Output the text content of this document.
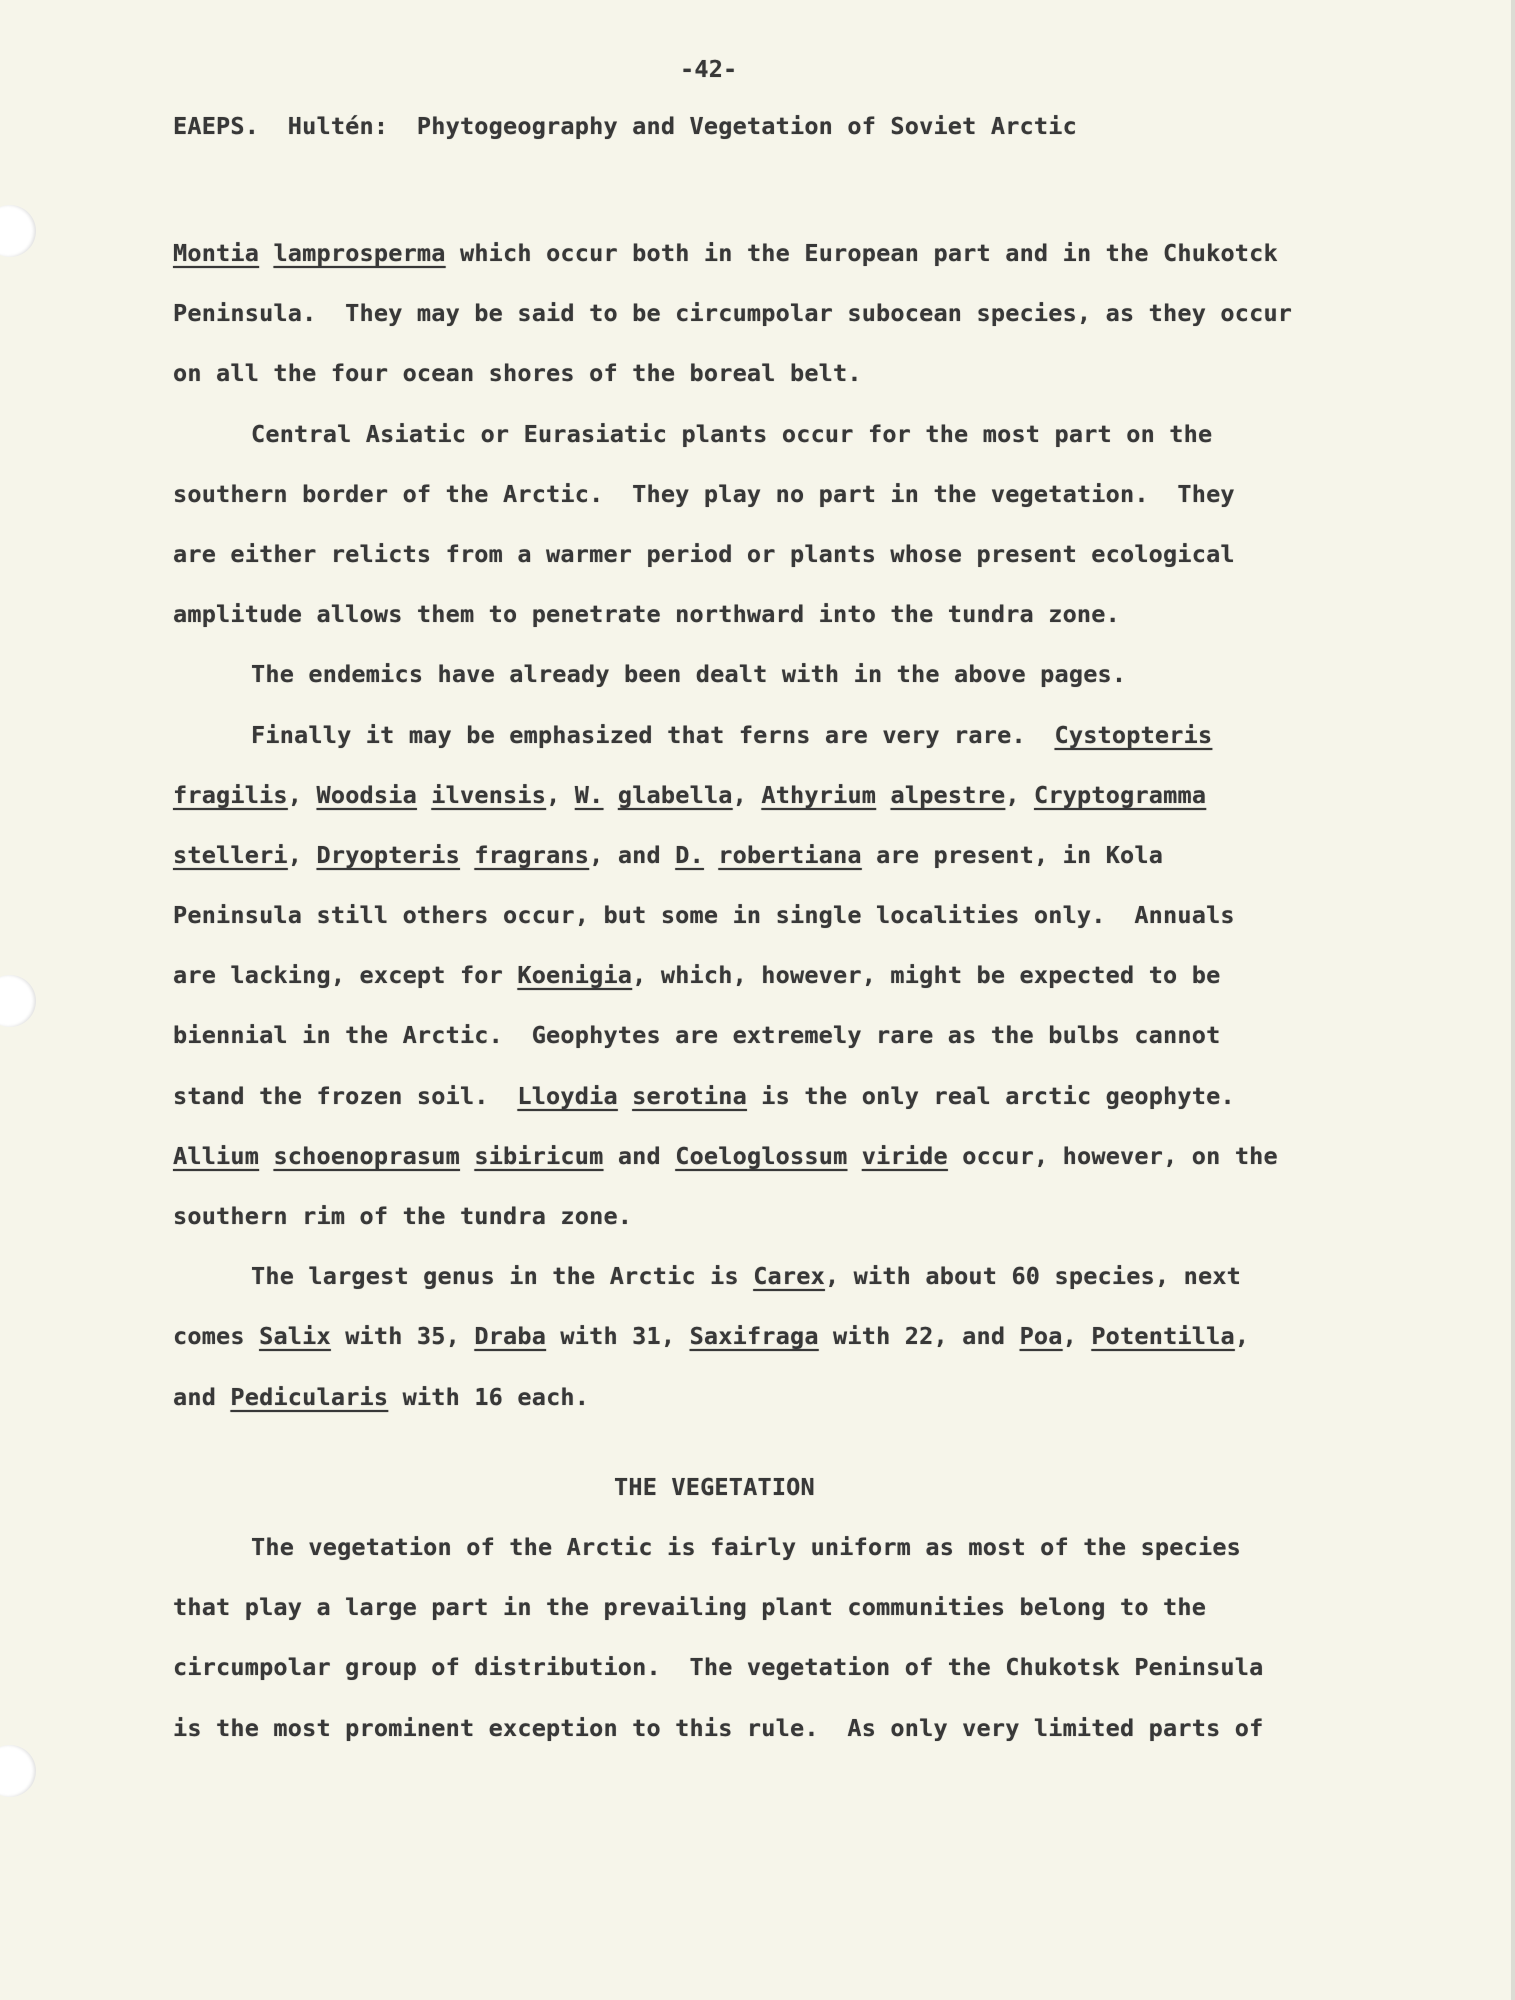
-42-
EAEPS.  Hultén:  Phytogeography and Vegetation of Soviet Arctic
Montia lamprosperma which occur both in the European part and in the Chukotck
Peninsula.  They may be said to be circumpolar subocean species, as they occur
on all the four ocean shores of the boreal belt.
Central Asiatic or Eurasiatic plants occur for the most part on the
southern border of the Arctic.  They play no part in the vegetation.  They
are either relicts from a warmer period or plants whose present ecological
amplitude allows them to penetrate northward into the tundra zone.
The endemics have already been dealt with in the above pages.
Finally it may be emphasized that ferns are very rare.  Cystopteris
fragilis, Woodsia ilvensis, W. glabella, Athyrium alpestre, Cryptogramma
stelleri, Dryopteris fragrans, and D. robertiana are present, in Kola
Peninsula still others occur, but some in single localities only.  Annuals
are lacking, except for Koenigia, which, however, might be expected to be
biennial in the Arctic.  Geophytes are extremely rare as the bulbs cannot
stand the frozen soil.  Lloydia serotina is the only real arctic geophyte.
Allium schoenoprasum sibiricum and Coeloglossum viride occur, however, on the
southern rim of the tundra zone.
The largest genus in the Arctic is Carex, with about 60 species, next
comes Salix with 35, Draba with 31, Saxifraga with 22, and Poa, Potentilla,
and Pedicularis with 16 each.
THE VEGETATION
The vegetation of the Arctic is fairly uniform as most of the species
that play a large part in the prevailing plant communities belong to the
circumpolar group of distribution.  The vegetation of the Chukotsk Peninsula
is the most prominent exception to this rule.  As only very limited parts of
